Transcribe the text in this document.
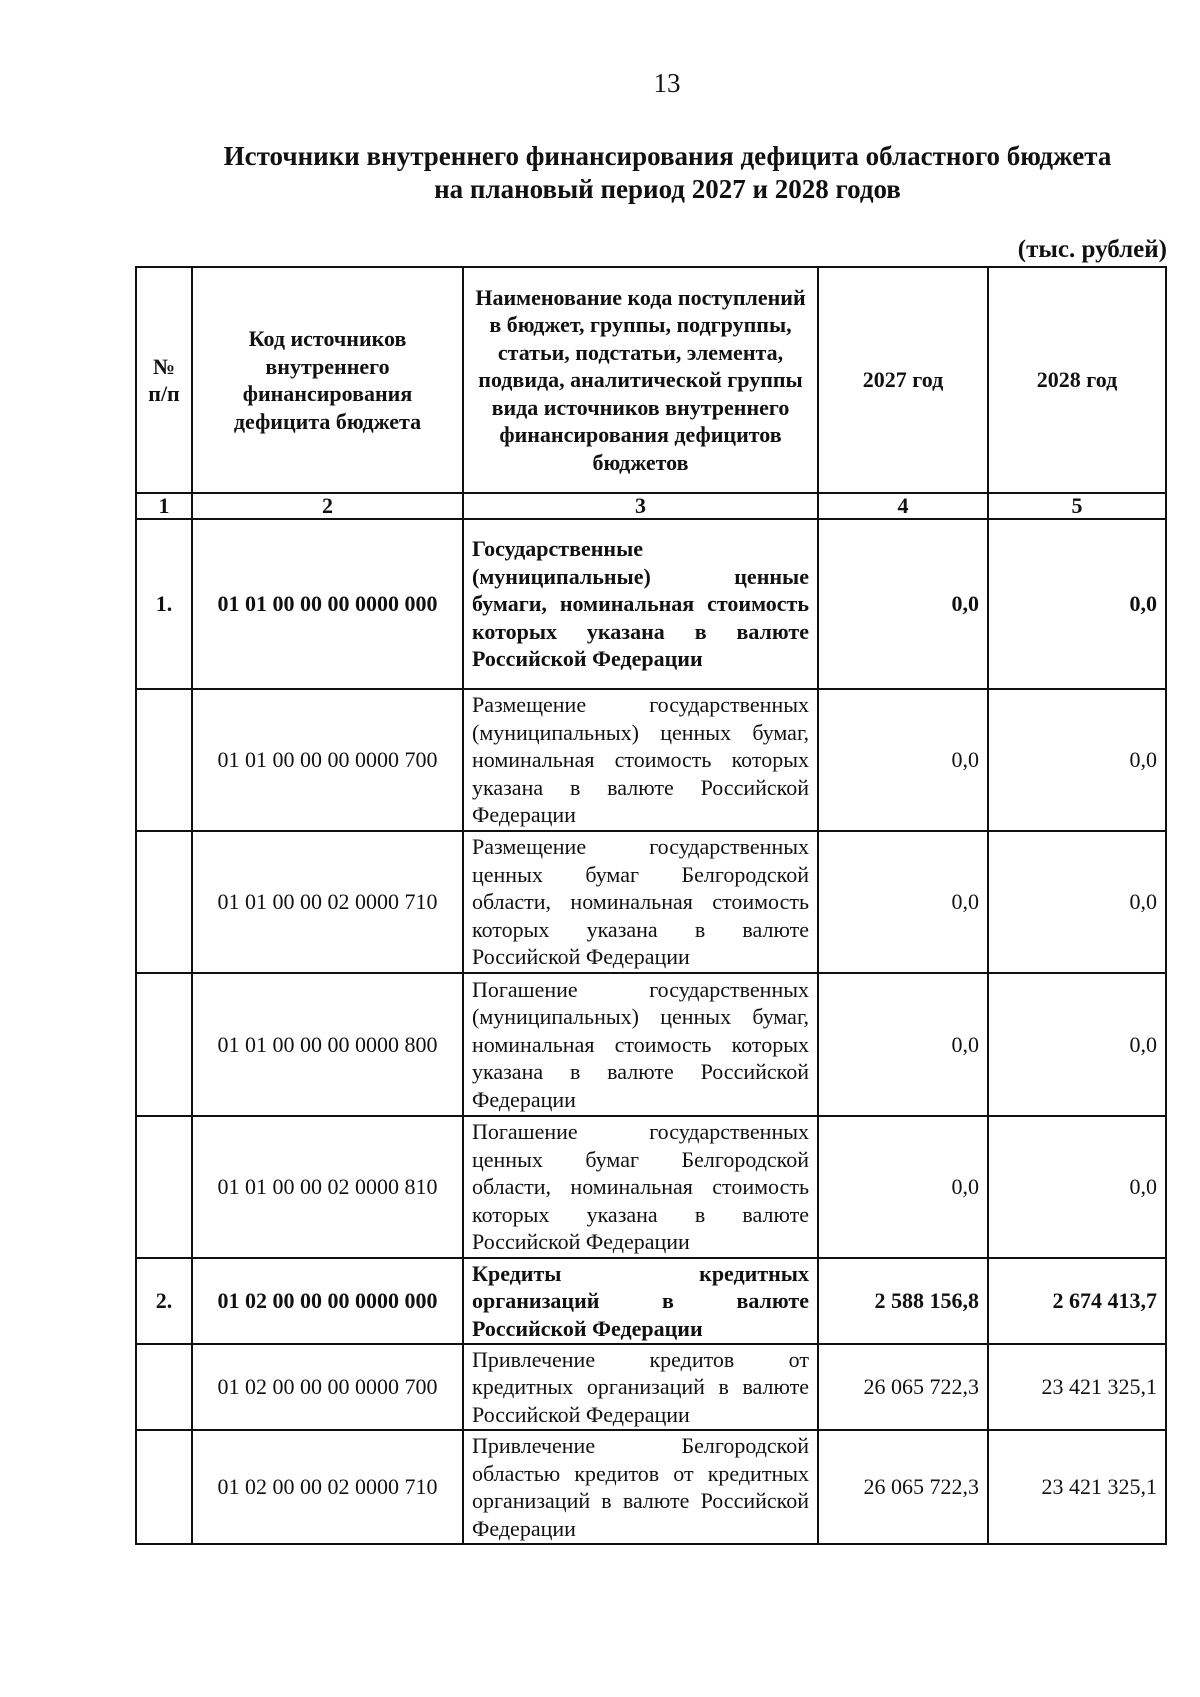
13
Источники внутреннего финансирования дефицита областного бюджета
на плановый период 2027 и 2028 годов
(тыс. рублей)
№ п/п	Код источников внутреннего финансирования дефицита бюджета	Наименование кода поступлений в бюджет, группы, подгруппы, статьи, подстатьи, элемента, подвида, аналитической группы вида источников внутреннего финансирования дефицитов бюджетов	2027 год	2028 год
1	2	3	4	5
1.	01 01 00 00 00 0000 000	Государственные (муниципальные) ценные бумаги, номинальная стоимость которых указана в валюте Российской Федерации	0,0	0,0
	01 01 00 00 00 0000 700	Размещение государственных (муниципальных) ценных бумаг, номинальная стоимость которых указана в валюте Российской Федерации	0,0	0,0
	01 01 00 00 02 0000 710	Размещение государственных ценных бумаг Белгородской области, номинальная стоимость которых указана в валюте Российской Федерации	0,0	0,0
	01 01 00 00 00 0000 800	Погашение государственных (муниципальных) ценных бумаг, номинальная стоимость которых указана в валюте Российской Федерации	0,0	0,0
	01 01 00 00 02 0000 810	Погашение государственных ценных бумаг Белгородской области, номинальная стоимость которых указана в валюте Российской Федерации	0,0	0,0
2.	01 02 00 00 00 0000 000	Кредиты кредитных организаций в валюте Российской Федерации	2 588 156,8	2 674 413,7
	01 02 00 00 00 0000 700	Привлечение кредитов от кредитных организаций в валюте Российской Федерации	26 065 722,3	23 421 325,1
	01 02 00 00 02 0000 710	Привлечение Белгородской областью кредитов от кредитных организаций в валюте Российской Федерации	26 065 722,3	23 421 325,1
